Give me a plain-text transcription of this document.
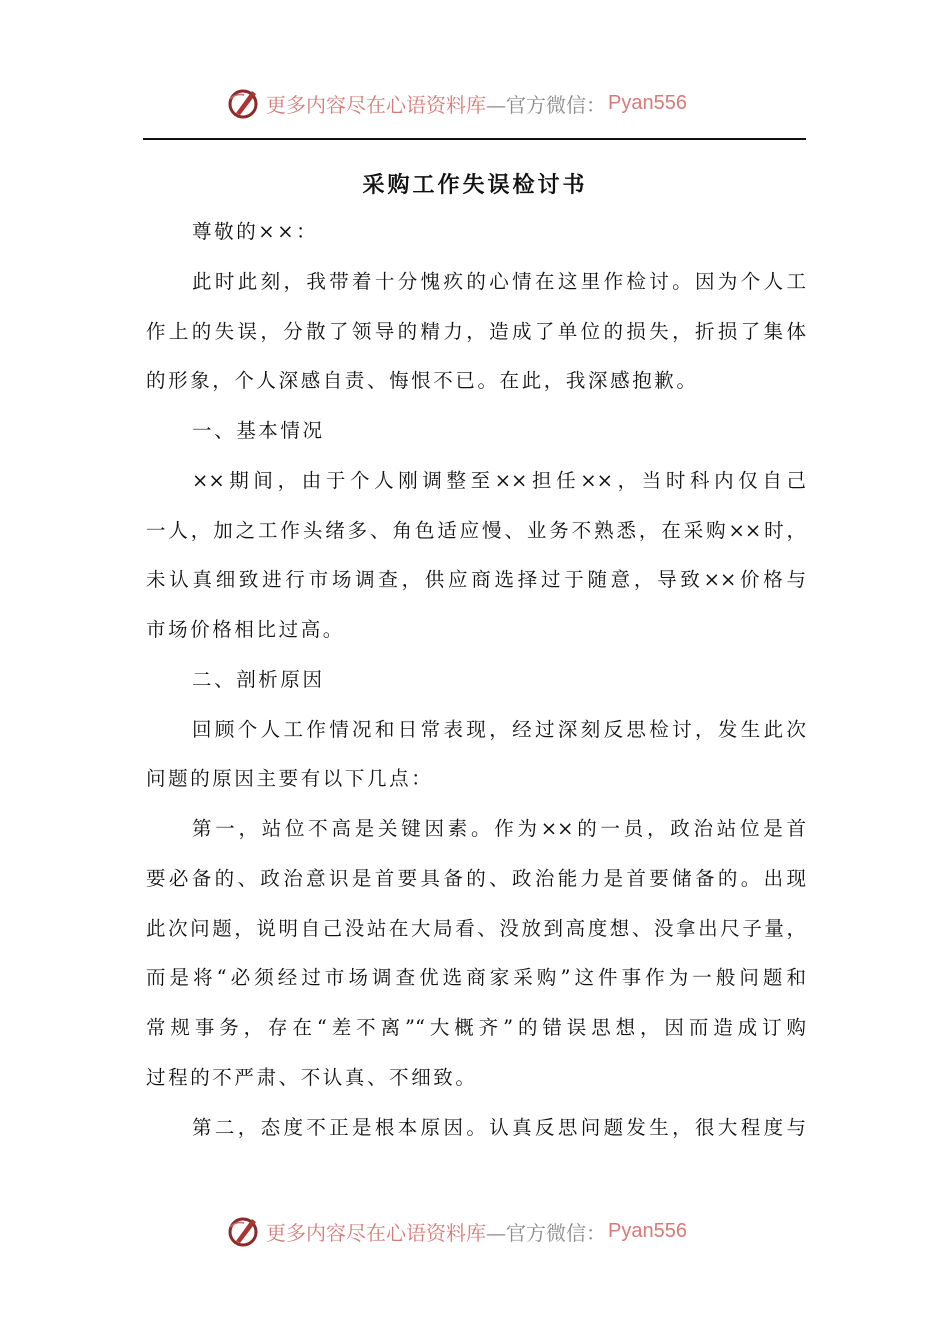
更多内容尽在心语资料库 —官方微信： Pyan556
采购工作失误检讨书
尊敬的××：
此时此刻，我带着十分愧疚的心情在这里作检讨。因为个人工
作上的失误，分散了领导的精力，造成了单位的损失，折损了集体
的形象，个人深感自责、悔恨不已。在此，我深感抱歉。
一、基本情况
××期间，由于个人刚调整至××担任××，当时科内仅自己
一人，加之工作头绪多、角色适应慢、业务不熟悉，在采购××时，
未认真细致进行市场调查，供应商选择过于随意，导致××价格与
市场价格相比过高。
二、剖析原因
回顾个人工作情况和日常表现，经过深刻反思检讨，发生此次
问题的原因主要有以下几点：
第一，站位不高是关键因素。作为××的一员，政治站位是首
要必备的、政治意识是首要具备的、政治能力是首要储备的。出现
此次问题，说明自己没站在大局看、没放到高度想、没拿出尺子量，
而是将“必须经过市场调查优选商家采购”这件事作为一般问题和
常规事务，存在“差不离”“大概齐”的错误思想，因而造成订购
过程的不严肃、不认真、不细致。
第二，态度不正是根本原因。认真反思问题发生，很大程度与
更多内容尽在心语资料库 —官方微信： Pyan556
